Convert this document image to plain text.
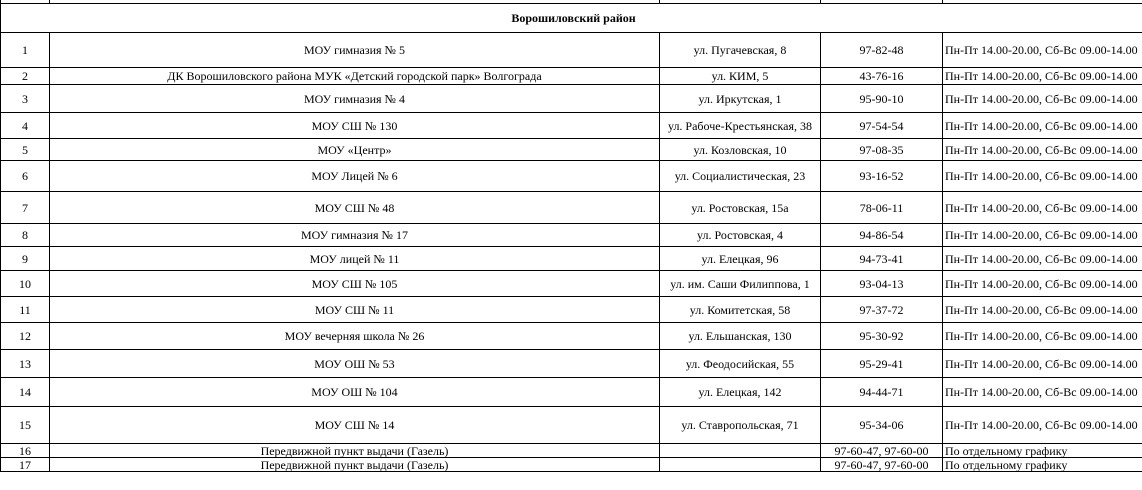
Ворошиловский район				
1	МОУ гимназия № 5	ул. Пугачевская, 8	97-82-48	Пн-Пт 14.00-20.00, Сб-Вс 09.00-14.00
2	ДК Ворошиловского района МУК «Детский городской парк» Волгограда	ул. КИМ, 5	43-76-16	Пн-Пт 14.00-20.00, Сб-Вс 09.00-14.00
3	МОУ гимназия № 4	ул. Иркутская, 1	95-90-10	Пн-Пт 14.00-20.00, Сб-Вс 09.00-14.00
4	МОУ СШ № 130	ул. Рабоче-Крестьянская, 38	97-54-54	Пн-Пт 14.00-20.00, Сб-Вс 09.00-14.00
5	МОУ «Центр»	ул. Козловская, 10	97-08-35	Пн-Пт 14.00-20.00, Сб-Вс 09.00-14.00
6	МОУ Лицей № 6	ул. Социалистическая, 23	93-16-52	Пн-Пт 14.00-20.00, Сб-Вс 09.00-14.00
7	МОУ СШ № 48	ул. Ростовская, 15а	78-06-11	Пн-Пт 14.00-20.00, Сб-Вс 09.00-14.00
8	МОУ гимназия № 17	ул. Ростовская, 4	94-86-54	Пн-Пт 14.00-20.00, Сб-Вс 09.00-14.00
9	МОУ лицей № 11	ул. Елецкая, 96	94-73-41	Пн-Пт 14.00-20.00, Сб-Вс 09.00-14.00
10	МОУ СШ № 105	ул. им. Саши Филиппова, 1	93-04-13	Пн-Пт 14.00-20.00, Сб-Вс 09.00-14.00
11	МОУ СШ № 11	ул. Комитетская, 58	97-37-72	Пн-Пт 14.00-20.00, Сб-Вс 09.00-14.00
12	МОУ вечерняя школа № 26	ул. Ельшанская, 130	95-30-92	Пн-Пт 14.00-20.00, Сб-Вс 09.00-14.00
13	МОУ ОШ № 53	ул. Феодосийская, 55	95-29-41	Пн-Пт 14.00-20.00, Сб-Вс 09.00-14.00
14	МОУ ОШ № 104	ул. Елецкая, 142	94-44-71	Пн-Пт 14.00-20.00, Сб-Вс 09.00-14.00
15	МОУ СШ № 14	ул. Ставропольская, 71	95-34-06	Пн-Пт 14.00-20.00, Сб-Вс 09.00-14.00
16	Передвижной пункт выдачи (Газель)		97-60-47, 97-60-00	По отдельному графику
17	Передвижной пункт выдачи (Газель)		97-60-47, 97-60-00	По отдельному графику
